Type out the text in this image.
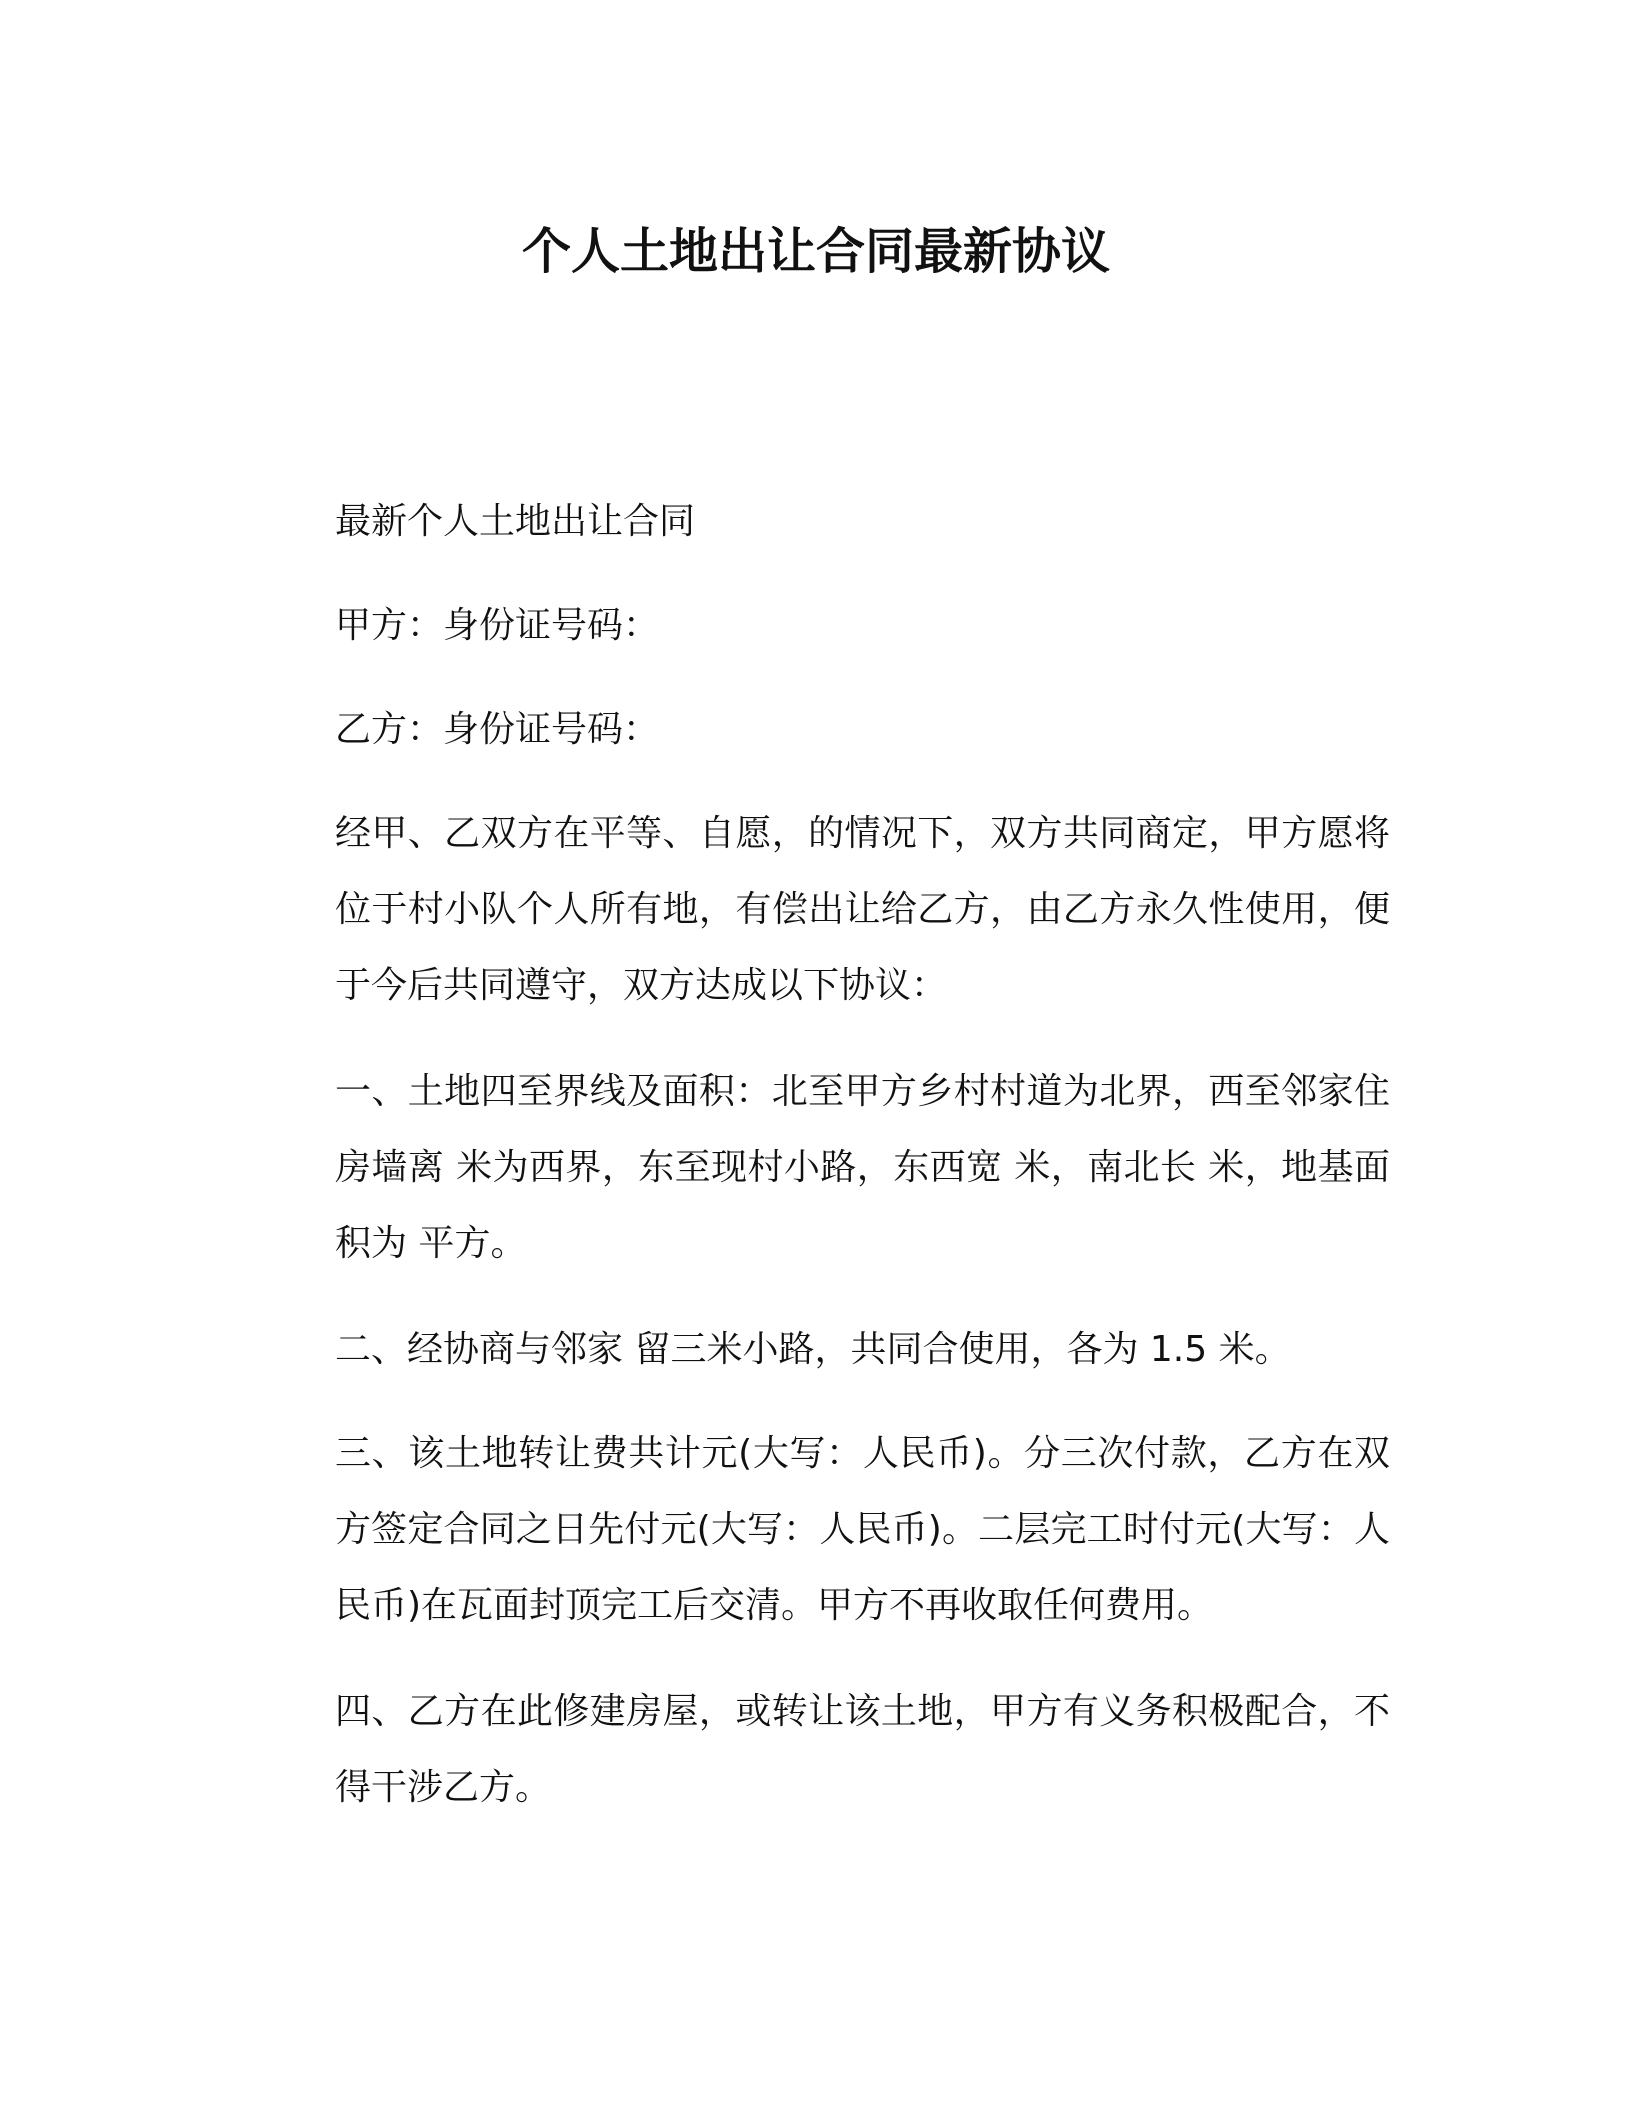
个人土地出让合同最新协议

最新个人土地出让合同

甲方：身份证号码：

乙方：身份证号码：

经甲、乙双方在平等、自愿，的情况下，双方共同商定，甲方愿将位于村小队个人所有地，有偿出让给乙方，由乙方永久性使用，便于今后共同遵守，双方达成以下协议：

一、土地四至界线及面积：北至甲方乡村村道为北界，西至邻家住房墙离 米为西界，东至现村小路，东西宽 米，南北长 米，地基面积为 平方。

二、经协商与邻家 留三米小路，共同合使用，各为 1.5 米。

三、该土地转让费共计元(大写：人民币)。分三次付款，乙方在双方签定合同之日先付元(大写：人民币)。二层完工时付元(大写：人民币)在瓦面封顶完工后交清。甲方不再收取任何费用。

四、乙方在此修建房屋，或转让该土地，甲方有义务积极配合，不得干涉乙方。
